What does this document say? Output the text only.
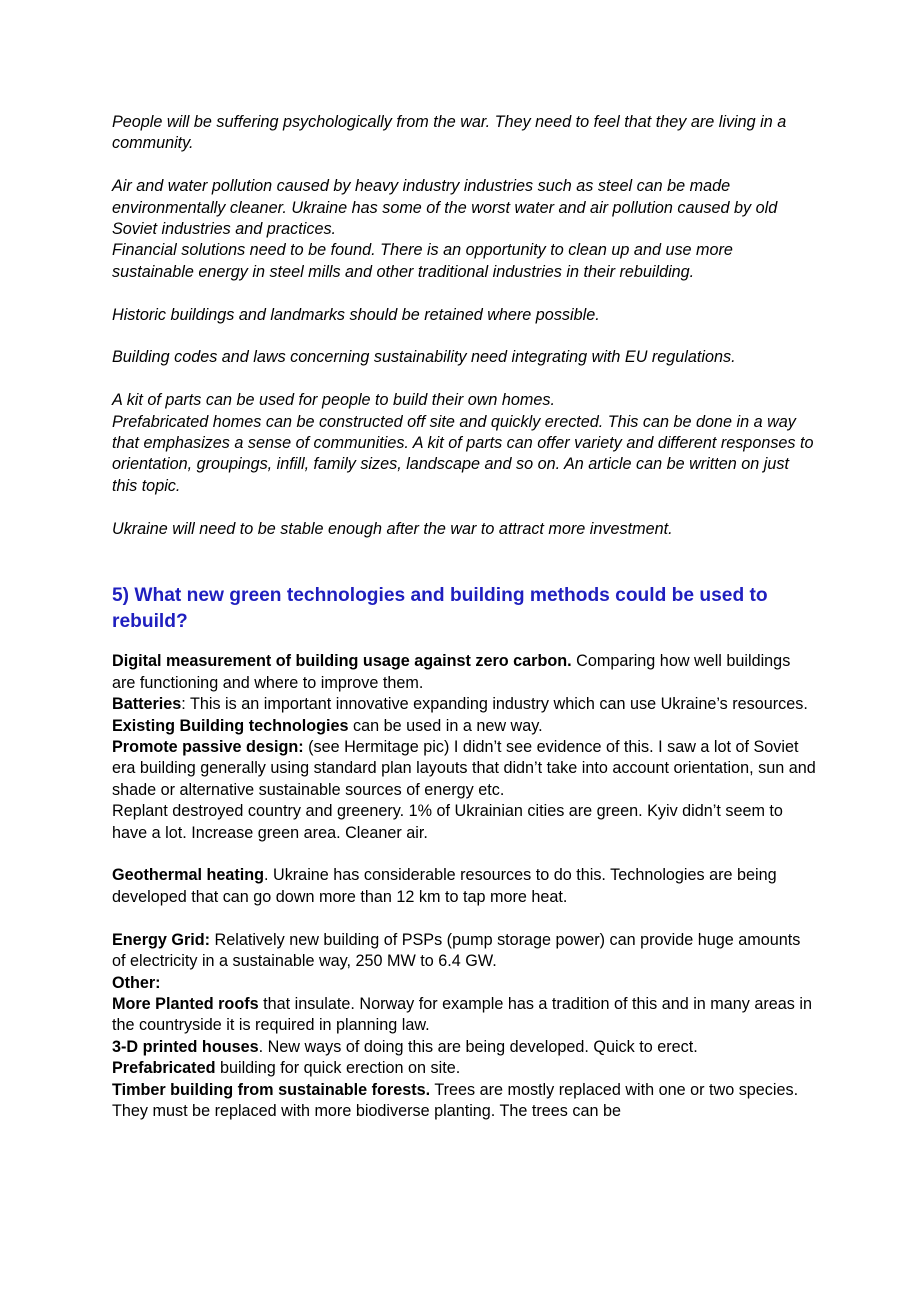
People will be suffering psychologically from the war. They need to feel that they are living in a community.

Air and water pollution caused by heavy industry industries such as steel can be made environmentally cleaner. Ukraine has some of the worst water and air pollution caused by old Soviet industries and practices.

Financial solutions need to be found. There is an opportunity to clean up and use more sustainable energy in steel mills and other traditional industries in their rebuilding.

Historic buildings and landmarks should be retained where possible.

Building codes and laws concerning sustainability need integrating with EU regulations.

A kit of parts can be used for people to build their own homes.

Prefabricated homes can be constructed off site and quickly erected. This can be done in a way that emphasizes a sense of communities. A kit of parts can offer variety and different responses to orientation, groupings, infill, family sizes, landscape and so on. An article can be written on just this topic.

Ukraine will need to be stable enough after the war to attract more investment.

5) What new green technologies and building methods could be used to rebuild?

Digital measurement of building usage against zero carbon. Comparing how well buildings are functioning and where to improve them.

Batteries: This is an important innovative expanding industry which can use Ukraine’s resources.

Existing Building technologies can be used in a new way.

Promote passive design: (see Hermitage pic) I didn’t see evidence of this. I saw a lot of Soviet era building generally using standard plan layouts that didn’t take into account orientation, sun and shade or alternative sustainable sources of energy etc.

Replant destroyed country and greenery. 1% of Ukrainian cities are green. Kyiv didn’t seem to have a lot. Increase green area. Cleaner air.

Geothermal heating. Ukraine has considerable resources to do this. Technologies are being developed that can go down more than 12 km to tap more heat.

Energy Grid: Relatively new building of PSPs (pump storage power) can provide huge amounts of electricity in a sustainable way, 250 MW to 6.4 GW.

Other:

More Planted roofs that insulate. Norway for example has a tradition of this and in many areas in the countryside it is required in planning law.

3-D printed houses. New ways of doing this are being developed. Quick to erect.

Prefabricated building for quick erection on site.

Timber building from sustainable forests. Trees are mostly replaced with one or two species. They must be replaced with more biodiverse planting. The trees can be
